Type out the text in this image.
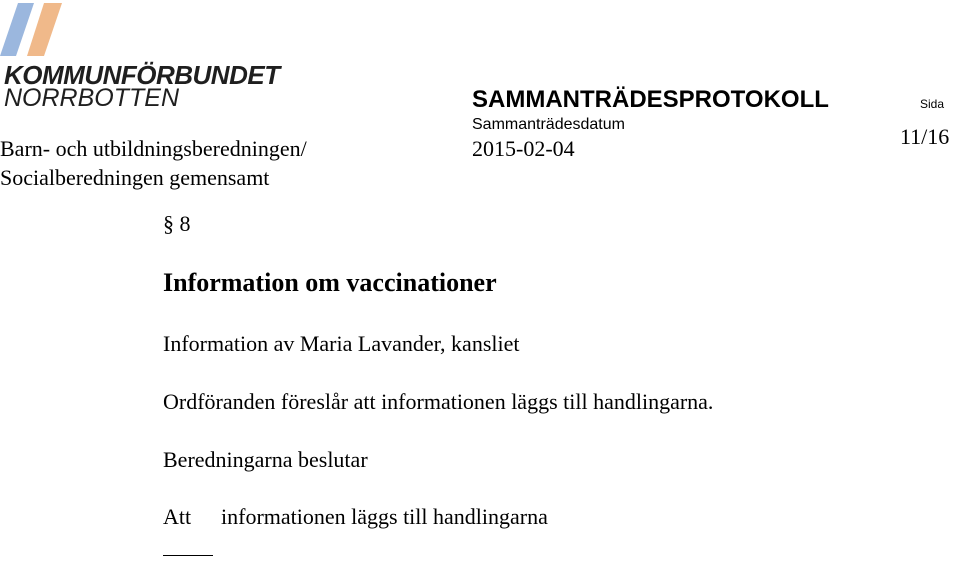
KOMMUNFÖRBUNDET
NORRBOTTEN	SAMMANTRÄDESPROTOKOLL	Sida
Sammanträdesdatum
2015-02-04	11/16
Barn- och utbildningsberedningen/
Socialberedningen gemensamt
§ 8
Information om vaccinationer
Information av Maria Lavander, kansliet
Ordföranden föreslår att informationen läggs till handlingarna.
Beredningarna beslutar
Att informationen läggs till handlingarna
